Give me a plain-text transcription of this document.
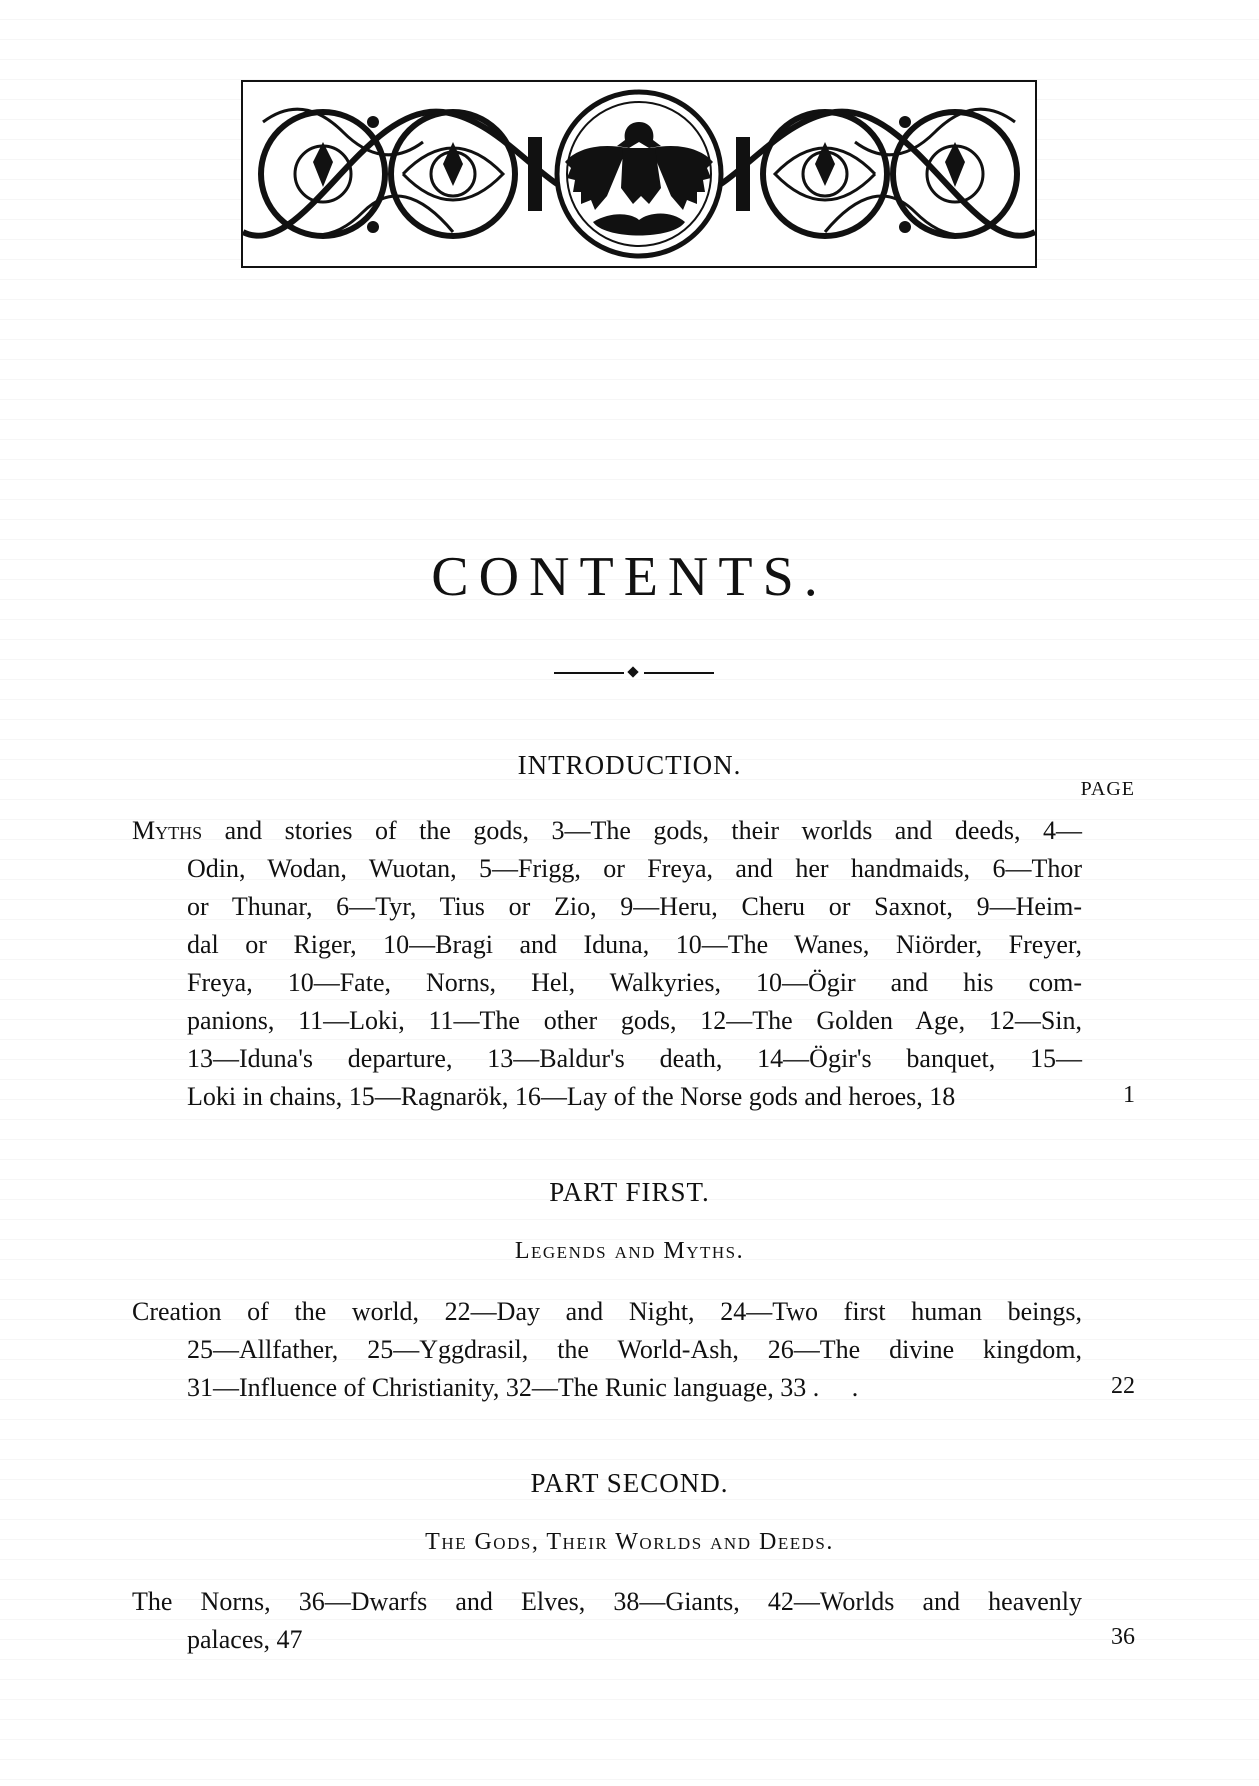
CONTENTS.
INTRODUCTION.
PAGE
Myths and stories of the gods, 3—The gods, their worlds and deeds, 4—
Odin, Wodan, Wuotan, 5—Frigg, or Freya, and her handmaids, 6—Thor
or Thunar, 6—Tyr, Tius or Zio, 9—Heru, Cheru or Saxnot, 9—Heim-
dal or Riger, 10—Bragi and Iduna, 10—The Wanes, Niörder, Freyer,
Freya, 10—Fate, Norns, Hel, Walkyries, 10—Ögir and his com-
panions, 11—Loki, 11—The other gods, 12—The Golden Age, 12—Sin,
13—Iduna's departure, 13—Baldur's death, 14—Ögir's banquet, 15—
Loki in chains, 15—Ragnarök, 16—Lay of the Norse gods and heroes, 18	1
PART FIRST.
Legends and Myths.
Creation of the world, 22—Day and Night, 24—Two first human beings,
25—Allfather, 25—Yggdrasil, the World-Ash, 26—The divine kingdom,
31—Influence of Christianity, 32—The Runic language, 33 .     .	22
PART SECOND.
The Gods, Their Worlds and Deeds.
The Norns, 36—Dwarfs and Elves, 38—Giants, 42—Worlds and heavenly
palaces, 47	36
